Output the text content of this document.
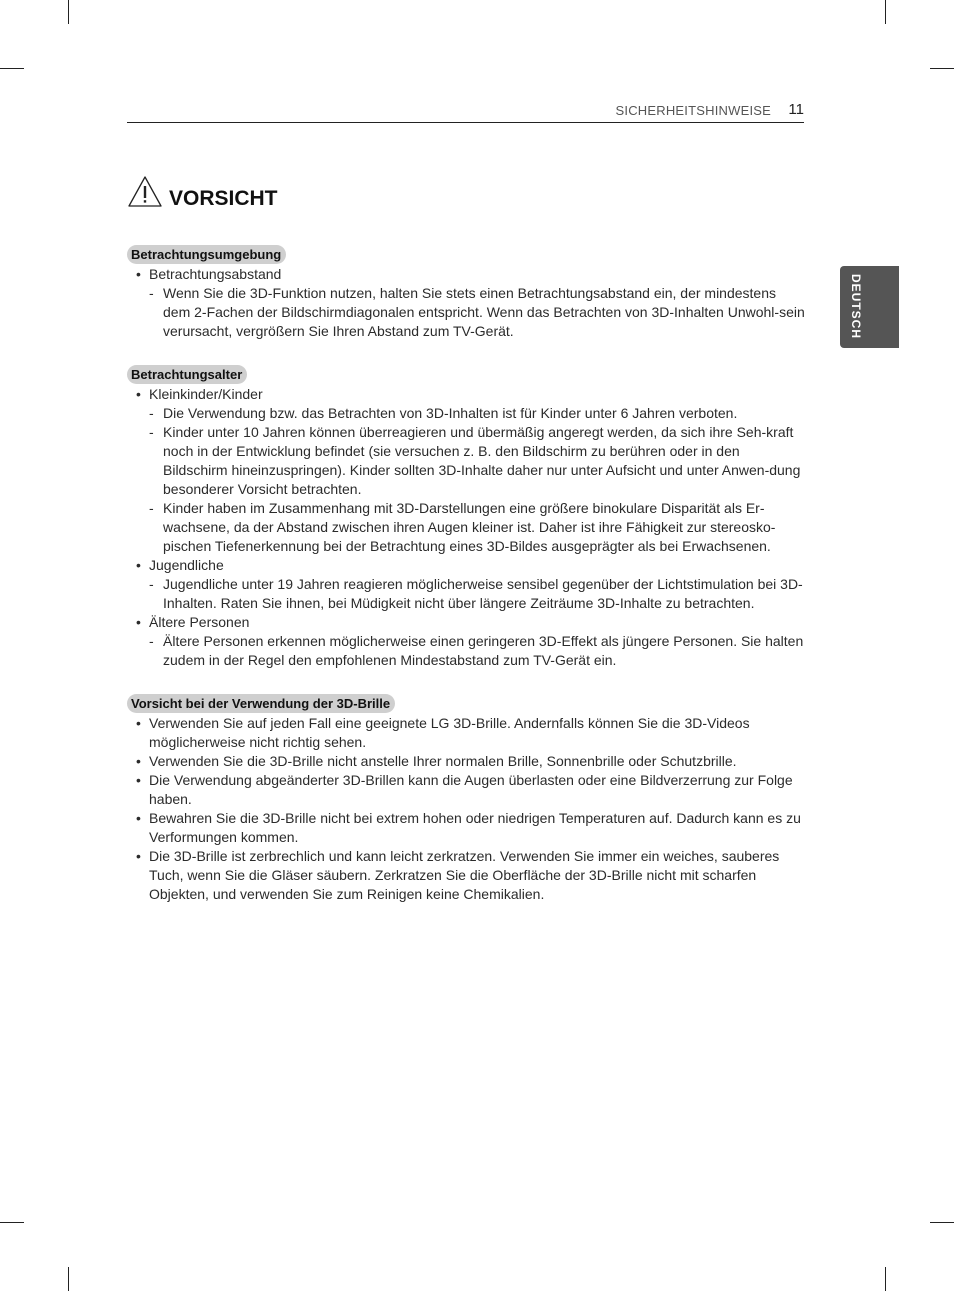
SICHERHEITSHINWEISE 11
DEUTSCH
VORSICHT
Betrachtungsumgebung
• Betrachtungsabstand
- Wenn Sie die 3D-Funktion nutzen, halten Sie stets einen Betrachtungsabstand ein, der mindestens dem 2-Fachen der Bildschirmdiagonalen entspricht. Wenn das Betrachten von 3D-Inhalten Unwohl-sein verursacht, vergrößern Sie Ihren Abstand zum TV-Gerät.
Betrachtungsalter
• Kleinkinder/Kinder
- Die Verwendung bzw. das Betrachten von 3D-Inhalten ist für Kinder unter 6 Jahren verboten.
- Kinder unter 10 Jahren können überreagieren und übermäßig angeregt werden, da sich ihre Seh-kraft noch in der Entwicklung befindet (sie versuchen z. B. den Bildschirm zu berühren oder in den Bildschirm hineinzuspringen). Kinder sollten 3D-Inhalte daher nur unter Aufsicht und unter Anwen-dung besonderer Vorsicht betrachten.
- Kinder haben im Zusammenhang mit 3D-Darstellungen eine größere binokulare Disparität als Er-wachsene, da der Abstand zwischen ihren Augen kleiner ist. Daher ist ihre Fähigkeit zur stereosko-pischen Tiefenerkennung bei der Betrachtung eines 3D-Bildes ausgeprägter als bei Erwachsenen.
• Jugendliche
- Jugendliche unter 19 Jahren reagieren möglicherweise sensibel gegenüber der Lichtstimulation bei 3D-Inhalten. Raten Sie ihnen, bei Müdigkeit nicht über längere Zeiträume 3D-Inhalte zu betrachten.
• Ältere Personen
- Ältere Personen erkennen möglicherweise einen geringeren 3D-Effekt als jüngere Personen. Sie halten zudem in der Regel den empfohlenen Mindestabstand zum TV-Gerät ein.
Vorsicht bei der Verwendung der 3D-Brille
• Verwenden Sie auf jeden Fall eine geeignete LG 3D-Brille. Andernfalls können Sie die 3D-Videos möglicherweise nicht richtig sehen.
• Verwenden Sie die 3D-Brille nicht anstelle Ihrer normalen Brille, Sonnenbrille oder Schutzbrille.
• Die Verwendung abgeänderter 3D-Brillen kann die Augen überlasten oder eine Bildverzerrung zur Folge haben.
• Bewahren Sie die 3D-Brille nicht bei extrem hohen oder niedrigen Temperaturen auf. Dadurch kann es zu Verformungen kommen.
• Die 3D-Brille ist zerbrechlich und kann leicht zerkratzen. Verwenden Sie immer ein weiches, sauberes Tuch, wenn Sie die Gläser säubern. Zerkratzen Sie die Oberfläche der 3D-Brille nicht mit scharfen Objekten, und verwenden Sie zum Reinigen keine Chemikalien.
